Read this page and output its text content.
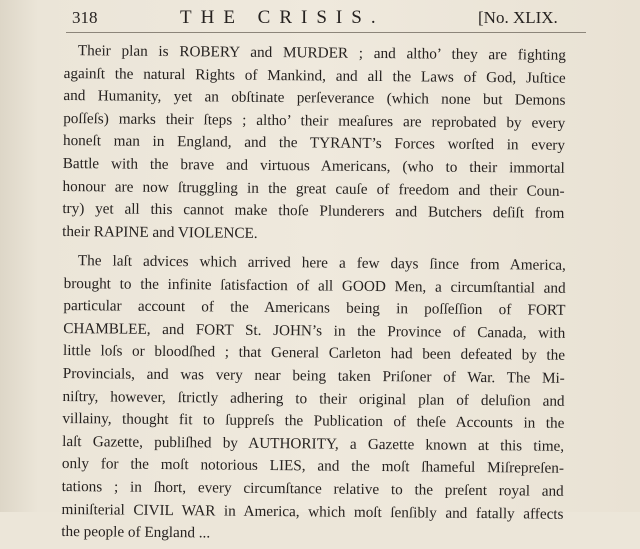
318	THE CRISIS.	[No. XLIX.
Their plan is ROBERY and MURDER ; and altho’ they are fighting
againſt the natural Rights of Mankind, and all the Laws of God, Juſtice
and Humanity, yet an obſtinate perſeverance (which none but Demons
poſſeſs) marks their ſteps ; altho’ their meaſures are reprobated by every
honeſt man in England, and the TYRANT’s Forces worſted in every
Battle with the brave and virtuous Americans, (who to their immortal
honour are now ſtruggling in the great cauſe of freedom and their Coun-
try) yet all this cannot make thoſe Plunderers and Butchers deſiſt from
their RAPINE and VIOLENCE.
The laſt advices which arrived here a few days ſince from America,
brought to the infinite ſatisfaction of all GOOD Men, a circumſtantial and
particular account of the Americans being in poſſeſſion of FORT
CHAMBLEE, and FORT St. JOHN’s in the Province of Canada, with
little loſs or bloodſhed ; that General Carleton had been defeated by the
Provincials, and was very near being taken Priſoner of War. The Mi-
niſtry, however, ſtrictly adhering to their original plan of deluſion and
villainy, thought fit to ſuppreſs the Publication of theſe Accounts in the
laſt Gazette, publiſhed by AUTHORITY, a Gazette known at this time,
only for the moſt notorious LIES, and the moſt ſhameful Miſrepreſen-
tations ; in ſhort, every circumſtance relative to the preſent royal and
miniſterial CIVIL WAR in America, which moſt ſenſibly and fatally affects
the people of England ...
